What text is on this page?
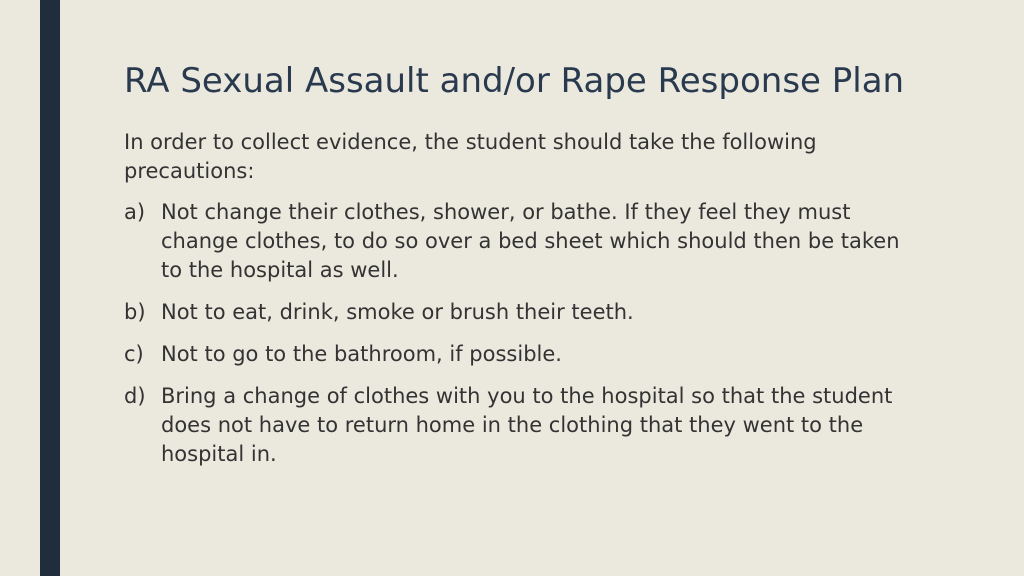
RA Sexual Assault and/or Rape Response Plan

In order to collect evidence, the student should take the following precautions:

a) Not change their clothes, shower, or bathe. If they feel they must change clothes, to do so over a bed sheet which should then be taken to the hospital as well.
b) Not to eat, drink, smoke or brush their teeth.
c) Not to go to the bathroom, if possible.
d) Bring a change of clothes with you to the hospital so that the student does not have to return home in the clothing that they went to the hospital in.
